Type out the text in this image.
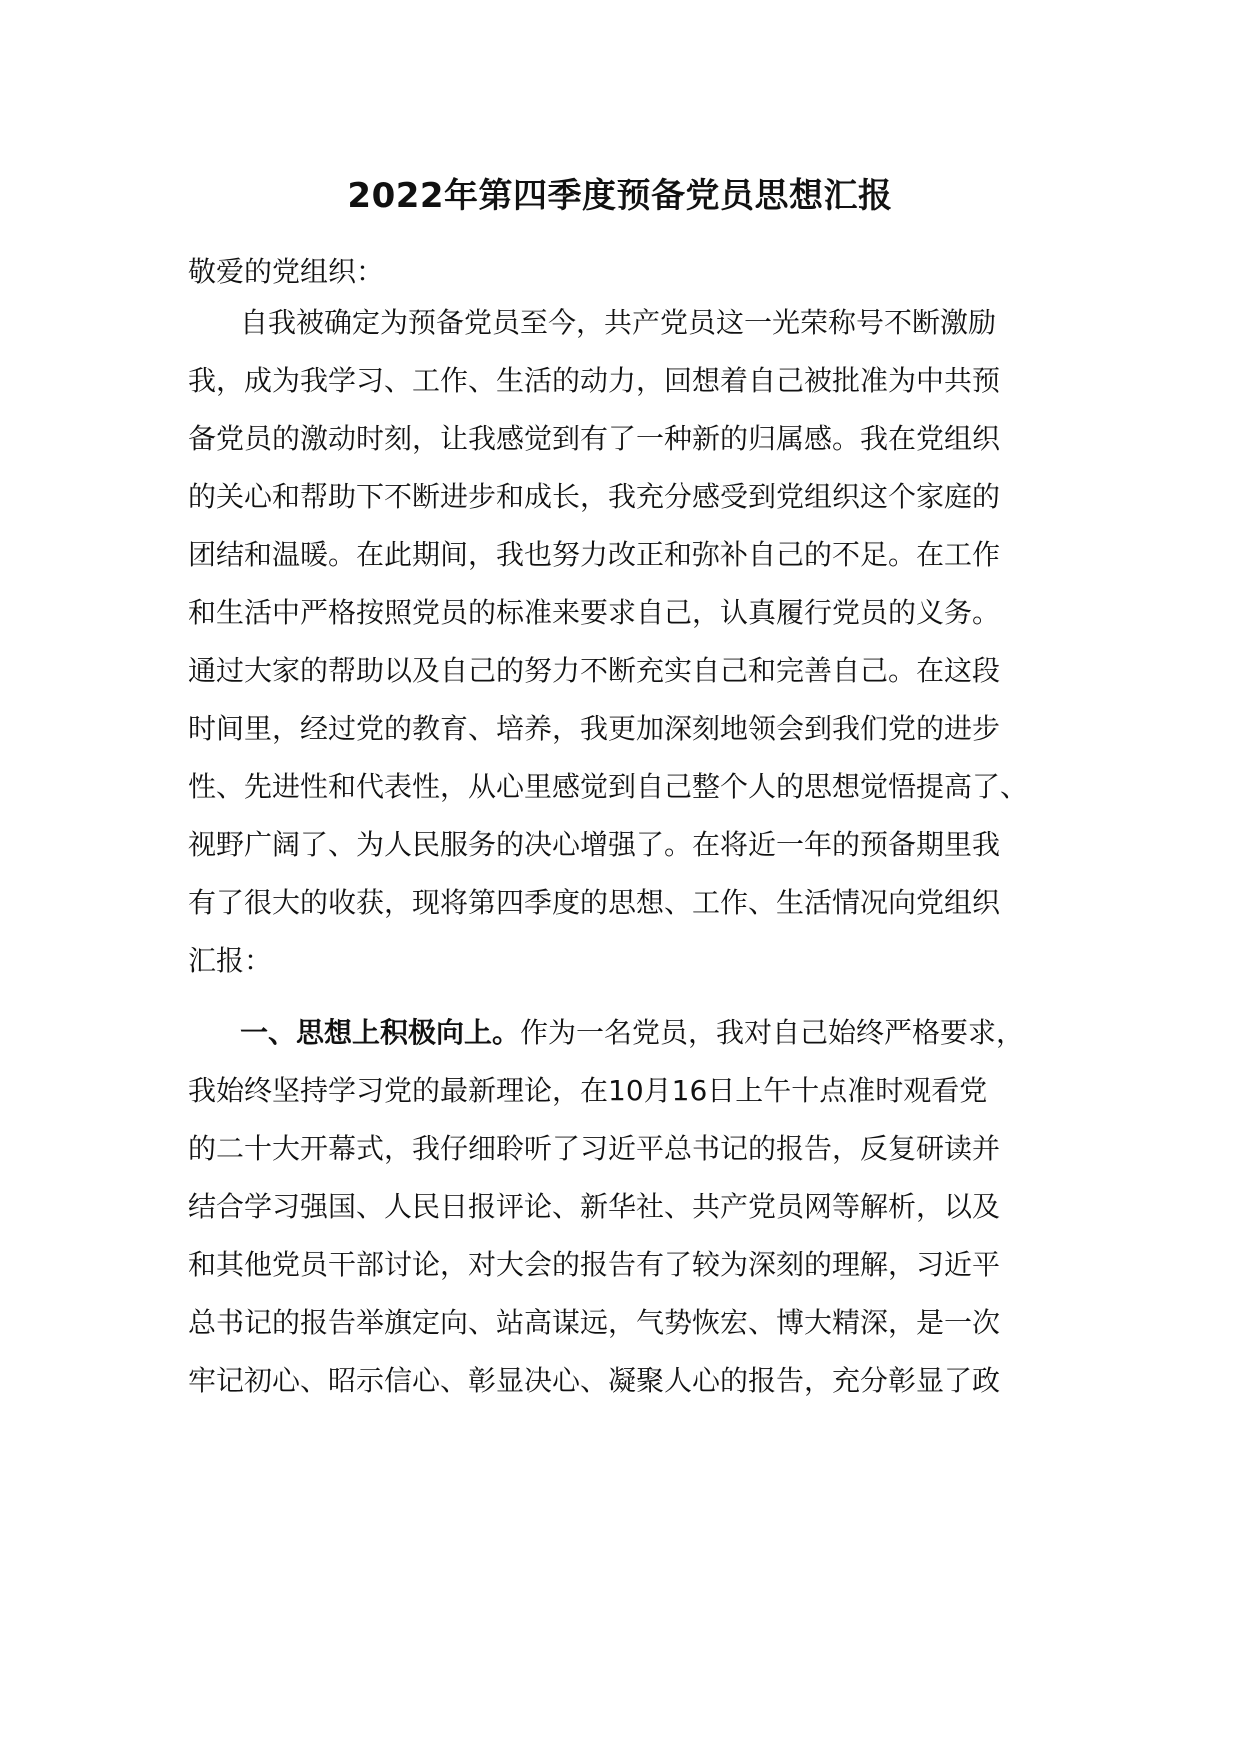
2022年第四季度预备党员思想汇报
敬爱的党组织：
自我被确定为预备党员至今，共产党员这一光荣称号不断激励
我，成为我学习、工作、生活的动力，回想着自己被批准为中共预
备党员的激动时刻，让我感觉到有了一种新的归属感。我在党组织
的关心和帮助下不断进步和成长，我充分感受到党组织这个家庭的
团结和温暖。在此期间，我也努力改正和弥补自己的不足。在工作
和生活中严格按照党员的标准来要求自己，认真履行党员的义务。
通过大家的帮助以及自己的努力不断充实自己和完善自己。在这段
时间里，经过党的教育、培养，我更加深刻地领会到我们党的进步
性、先进性和代表性，从心里感觉到自己整个人的思想觉悟提高了、
视野广阔了、为人民服务的决心增强了。在将近一年的预备期里我
有了很大的收获，现将第四季度的思想、工作、生活情况向党组织
汇报：
一、思想上积极向上。作为一名党员，我对自己始终严格要求，
我始终坚持学习党的最新理论，在10月16日上午十点准时观看党
的二十大开幕式，我仔细聆听了习近平总书记的报告，反复研读并
结合学习强国、人民日报评论、新华社、共产党员网等解析，以及
和其他党员干部讨论，对大会的报告有了较为深刻的理解，习近平
总书记的报告举旗定向、站高谋远，气势恢宏、博大精深，是一次
牢记初心、昭示信心、彰显决心、凝聚人心的报告，充分彰显了政
